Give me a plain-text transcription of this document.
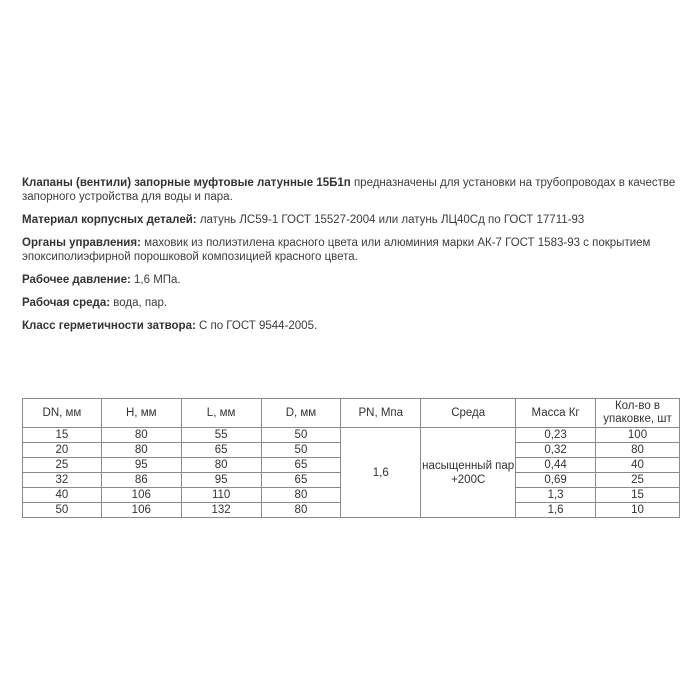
Клапаны (вентили) запорные муфтовые латунные 15Б1п предназначены для установки на трубопроводах в качестве запорного устройства для воды и пара.

Материал корпусных деталей: латунь ЛС59-1 ГОСТ 15527-2004 или латунь ЛЦ40Сд по ГОСТ 17711-93

Органы управления: маховик из полиэтилена красного цвета или алюминия марки АК-7 ГОСТ 1583-93 с покрытием эпоксиполиэфирной порошковой композицией красного цвета.

Рабочее давление: 1,6 МПа.

Рабочая среда: вода, пар.

Класс герметичности затвора: С по ГОСТ 9544-2005.

DN, мм	H, мм	L, мм	D, мм	PN, Мпа	Среда	Масса Кг	Кол-во в упаковке, шт
15	80	55	50	1,6	насыщенный пар +200С	0,23	100
20	80	65	50			0,32	80
25	95	80	65			0,44	40
32	86	95	65			0,69	25
40	106	110	80			1,3	15
50	106	132	80			1,6	10
